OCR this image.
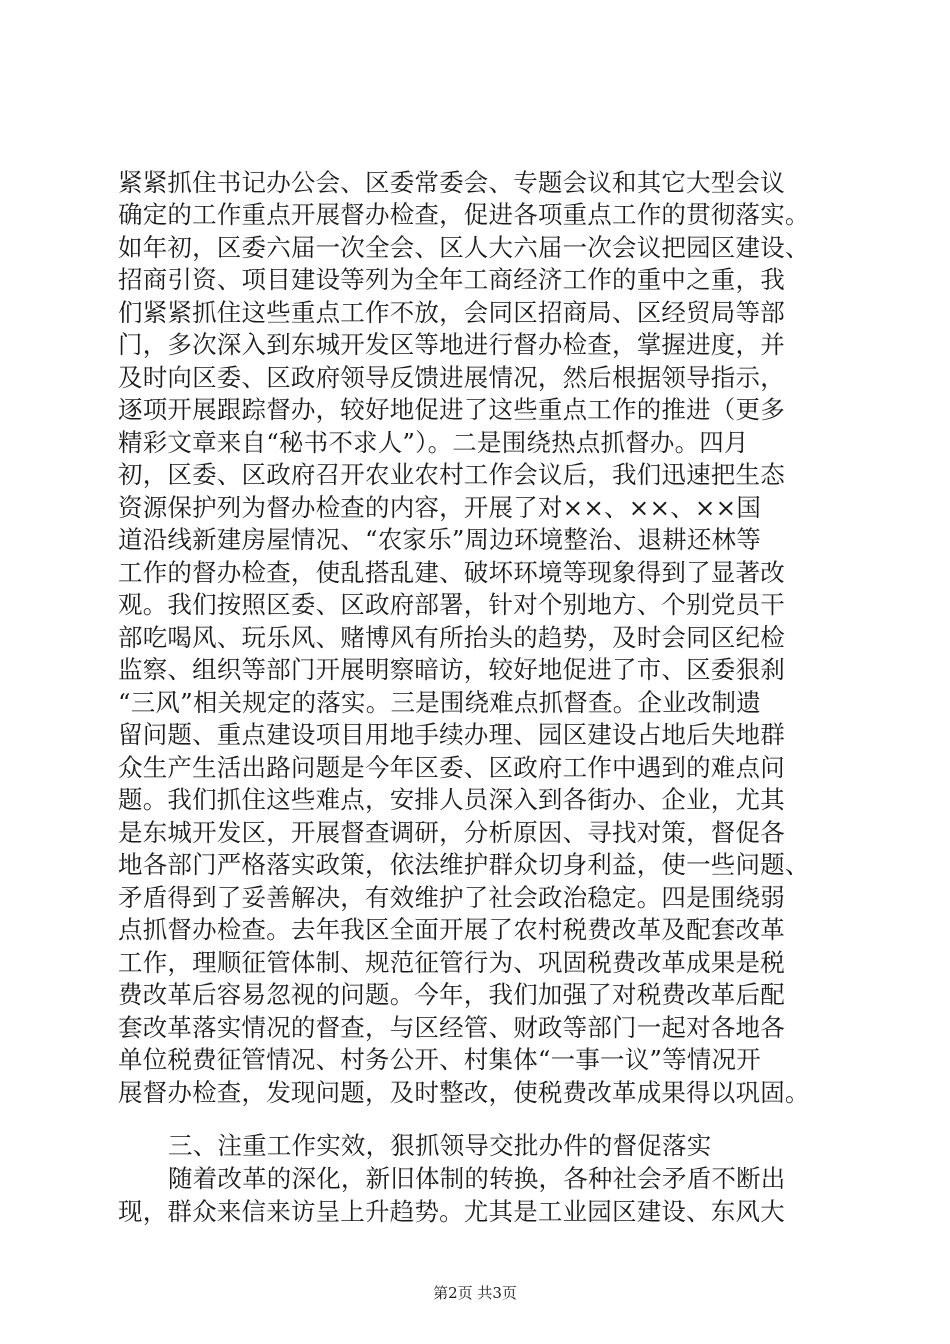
紧紧抓住书记办公会、区委常委会、专题会议和其它大型会议
确定的工作重点开展督办检查，促进各项重点工作的贯彻落实。
如年初，区委六届一次全会、区人大六届一次会议把园区建设、
招商引资、项目建设等列为全年工商经济工作的重中之重，我
们紧紧抓住这些重点工作不放，会同区招商局、区经贸局等部
门，多次深入到东城开发区等地进行督办检查，掌握进度，并
及时向区委、区政府领导反馈进展情况，然后根据领导指示，
逐项开展跟踪督办，较好地促进了这些重点工作的推进（更多
精彩文章来自“秘书不求人”）。二是围绕热点抓督办。四月
初，区委、区政府召开农业农村工作会议后，我们迅速把生态
资源保护列为督办检查的内容，开展了对××、××、××国
道沿线新建房屋情况、“农家乐”周边环境整治、退耕还林等
工作的督办检查，使乱搭乱建、破坏环境等现象得到了显著改
观。我们按照区委、区政府部署，针对个别地方、个别党员干
部吃喝风、玩乐风、赌博风有所抬头的趋势，及时会同区纪检
监察、组织等部门开展明察暗访，较好地促进了市、区委狠刹
“三风”相关规定的落实。三是围绕难点抓督查。企业改制遗
留问题、重点建设项目用地手续办理、园区建设占地后失地群
众生产生活出路问题是今年区委、区政府工作中遇到的难点问
题。我们抓住这些难点，安排人员深入到各街办、企业，尤其
是东城开发区，开展督查调研，分析原因、寻找对策，督促各
地各部门严格落实政策，依法维护群众切身利益，使一些问题、
矛盾得到了妥善解决，有效维护了社会政治稳定。四是围绕弱
点抓督办检查。去年我区全面开展了农村税费改革及配套改革
工作，理顺征管体制、规范征管行为、巩固税费改革成果是税
费改革后容易忽视的问题。今年，我们加强了对税费改革后配
套改革落实情况的督查，与区经管、财政等部门一起对各地各
单位税费征管情况、村务公开、村集体“一事一议”等情况开
展督办检查，发现问题，及时整改，使税费改革成果得以巩固。
三、注重工作实效，狠抓领导交批办件的督促落实
随着改革的深化，新旧体制的转换，各种社会矛盾不断出
现，群众来信来访呈上升趋势。尤其是工业园区建设、东风大
第2页 共3页
